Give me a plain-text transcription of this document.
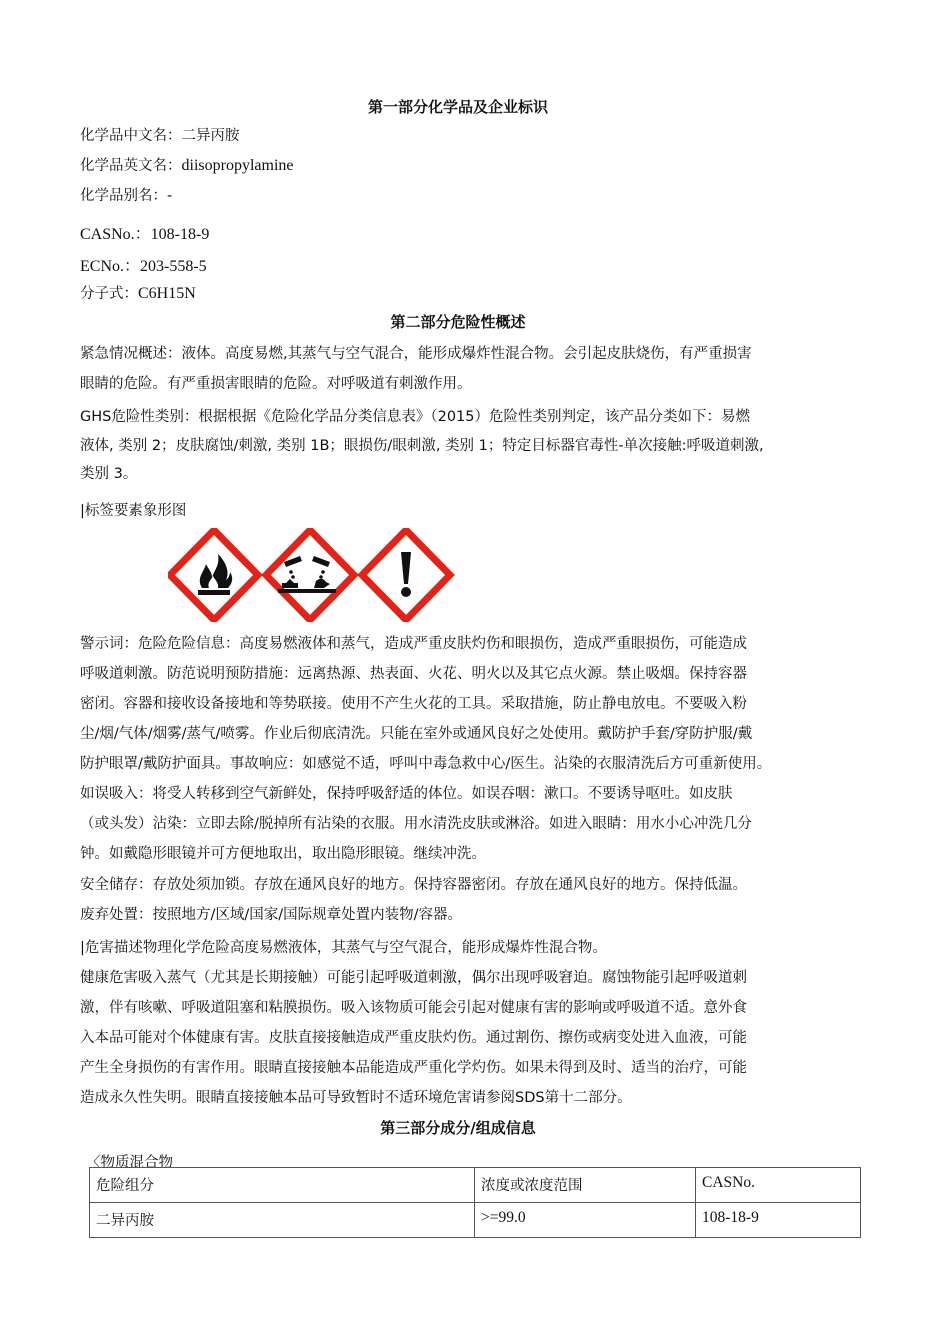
第一部分化学品及企业标识
化学品中文名：二异丙胺
化学品英文名：diisopropylamine
化学品别名：-
CASNo.：108-18-9
ECNo.：203-558-5
分子式：C6H15N
第二部分危险性概述
紧急情况概述：液体。高度易燃,其蒸气与空气混合，能形成爆炸性混合物。会引起皮肤烧伤，有严重损害
眼睛的危险。有严重损害眼睛的危险。对呼吸道有刺激作用。
GHS危险性类别：根据根据《危险化学品分类信息表》（2015）危险性类别判定，该产品分类如下：易燃
液体, 类别 2；皮肤腐蚀/刺激, 类别 1B；眼损伤/眼刺激, 类别 1；特定目标器官毒性-单次接触:呼吸道刺激,
类别 3。
|标签要素象形图
警示词：危险危险信息：高度易燃液体和蒸气，造成严重皮肤灼伤和眼损伤，造成严重眼损伤，可能造成
呼吸道刺激。防范说明预防措施：远离热源、热表面、火花、明火以及其它点火源。禁止吸烟。保持容器
密闭。容器和接收设备接地和等势联接。使用不产生火花的工具。采取措施，防止静电放电。不要吸入粉
尘/烟/气体/烟雾/蒸气/喷雾。作业后彻底清洗。只能在室外或通风良好之处使用。戴防护手套/穿防护服/戴
防护眼罩/戴防护面具。事故响应：如感觉不适，呼叫中毒急救中心/医生。沾染的衣服清洗后方可重新使用。
如误吸入：将受人转移到空气新鲜处，保持呼吸舒适的体位。如误吞咽：漱口。不要诱导呕吐。如皮肤
（或头发）沾染：立即去除/脱掉所有沾染的衣服。用水清洗皮肤或淋浴。如进入眼睛：用水小心冲洗几分
钟。如戴隐形眼镜并可方便地取出，取出隐形眼镜。继续冲洗。
安全储存：存放处须加锁。存放在通风良好的地方。保持容器密闭。存放在通风良好的地方。保持低温。
废弃处置：按照地方/区域/国家/国际规章处置内装物/容器。
|危害描述物理化学危险高度易燃液体，其蒸气与空气混合，能形成爆炸性混合物。
健康危害吸入蒸气（尤其是长期接触）可能引起呼吸道刺激，偶尔出现呼吸窘迫。腐蚀物能引起呼吸道刺
激，伴有咳嗽、呼吸道阻塞和粘膜损伤。吸入该物质可能会引起对健康有害的影响或呼吸道不适。意外食
入本品可能对个体健康有害。皮肤直接接触造成严重皮肤灼伤。通过割伤、擦伤或病变处进入血液，可能
产生全身损伤的有害作用。眼睛直接接触本品能造成严重化学灼伤。如果未得到及时、适当的治疗，可能
造成永久性失明。眼睛直接接触本品可导致暂时不适环境危害请参阅SDS第十二部分。
第三部分成分/组成信息
〈物质混合物
危险组分	浓度或浓度范围	CASNo.
二异丙胺	>=99.0	108-18-9
